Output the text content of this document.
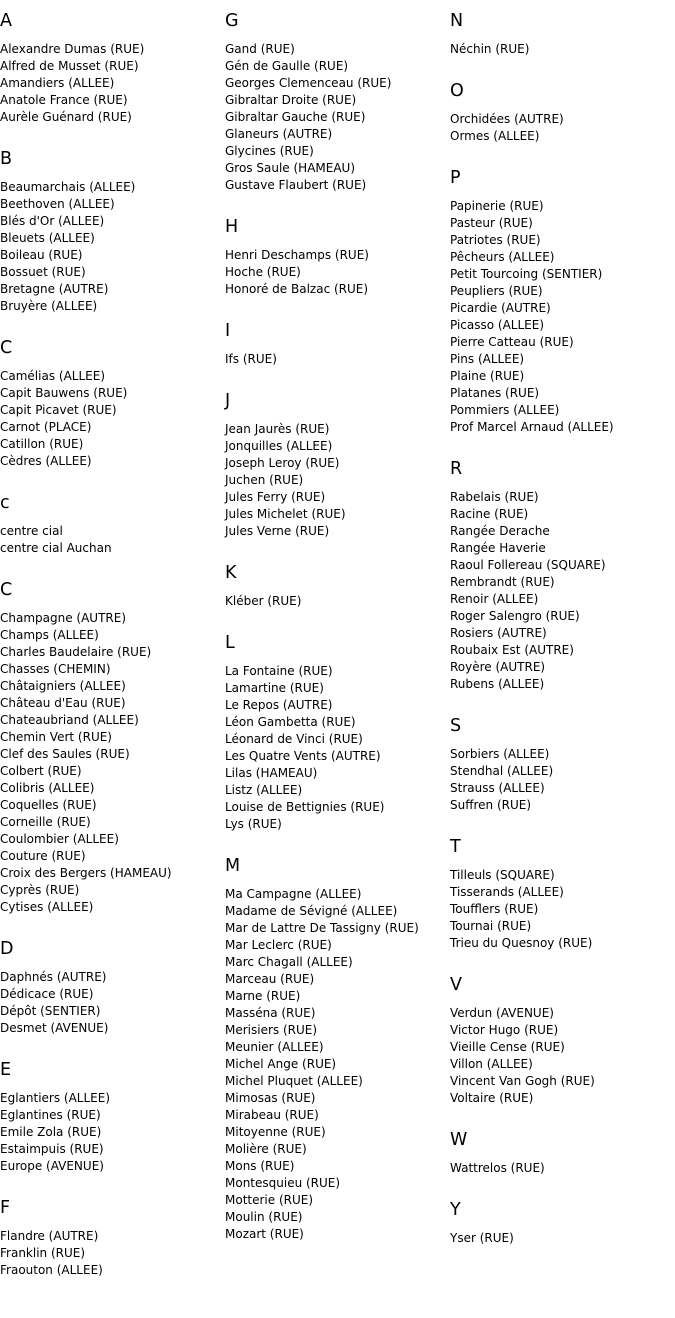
A
Alexandre Dumas (RUE)
Alfred de Musset (RUE)
Amandiers (ALLEE)
Anatole France (RUE)
Aurèle Guénard (RUE)
B
Beaumarchais (ALLEE)
Beethoven (ALLEE)
Blés d'Or (ALLEE)
Bleuets (ALLEE)
Boileau (RUE)
Bossuet (RUE)
Bretagne (AUTRE)
Bruyère (ALLEE)
C
Camélias (ALLEE)
Capit Bauwens (RUE)
Capit Picavet (RUE)
Carnot (PLACE)
Catillon (RUE)
Cèdres (ALLEE)
c
centre cial
centre cial Auchan
C
Champagne (AUTRE)
Champs (ALLEE)
Charles Baudelaire (RUE)
Chasses (CHEMIN)
Châtaigniers (ALLEE)
Château d'Eau (RUE)
Chateaubriand (ALLEE)
Chemin Vert (RUE)
Clef des Saules (RUE)
Colbert (RUE)
Colibris (ALLEE)
Coquelles (RUE)
Corneille (RUE)
Coulombier (ALLEE)
Couture (RUE)
Croix des Bergers (HAMEAU)
Cyprès (RUE)
Cytises (ALLEE)
D
Daphnés (AUTRE)
Dédicace (RUE)
Dépôt (SENTIER)
Desmet (AVENUE)
E
Eglantiers (ALLEE)
Eglantines (RUE)
Emile Zola (RUE)
Estaimpuis (RUE)
Europe (AVENUE)
F
Flandre (AUTRE)
Franklin (RUE)
Fraouton (ALLEE)
G
Gand (RUE)
Gén de Gaulle (RUE)
Georges Clemenceau (RUE)
Gibraltar Droite (RUE)
Gibraltar Gauche (RUE)
Glaneurs (AUTRE)
Glycines (RUE)
Gros Saule (HAMEAU)
Gustave Flaubert (RUE)
H
Henri Deschamps (RUE)
Hoche (RUE)
Honoré de Balzac (RUE)
I
Ifs (RUE)
J
Jean Jaurès (RUE)
Jonquilles (ALLEE)
Joseph Leroy (RUE)
Juchen (RUE)
Jules Ferry (RUE)
Jules Michelet (RUE)
Jules Verne (RUE)
K
Kléber (RUE)
L
La Fontaine (RUE)
Lamartine (RUE)
Le Repos (AUTRE)
Léon Gambetta (RUE)
Léonard de Vinci (RUE)
Les Quatre Vents (AUTRE)
Lilas (HAMEAU)
Listz (ALLEE)
Louise de Bettignies (RUE)
Lys (RUE)
M
Ma Campagne (ALLEE)
Madame de Sévigné (ALLEE)
Mar de Lattre De Tassigny (RUE)
Mar Leclerc (RUE)
Marc Chagall (ALLEE)
Marceau (RUE)
Marne (RUE)
Masséna (RUE)
Merisiers (RUE)
Meunier (ALLEE)
Michel Ange (RUE)
Michel Pluquet (ALLEE)
Mimosas (RUE)
Mirabeau (RUE)
Mitoyenne (RUE)
Molière (RUE)
Mons (RUE)
Montesquieu (RUE)
Motterie (RUE)
Moulin (RUE)
Mozart (RUE)
N
Néchin (RUE)
O
Orchidées (AUTRE)
Ormes (ALLEE)
P
Papinerie (RUE)
Pasteur (RUE)
Patriotes (RUE)
Pêcheurs (ALLEE)
Petit Tourcoing (SENTIER)
Peupliers (RUE)
Picardie (AUTRE)
Picasso (ALLEE)
Pierre Catteau (RUE)
Pins (ALLEE)
Plaine (RUE)
Platanes (RUE)
Pommiers (ALLEE)
Prof Marcel Arnaud (ALLEE)
R
Rabelais (RUE)
Racine (RUE)
Rangée Derache
Rangée Haverie
Raoul Follereau (SQUARE)
Rembrandt (RUE)
Renoir (ALLEE)
Roger Salengro (RUE)
Rosiers (AUTRE)
Roubaix Est (AUTRE)
Royère (AUTRE)
Rubens (ALLEE)
S
Sorbiers (ALLEE)
Stendhal (ALLEE)
Strauss (ALLEE)
Suffren (RUE)
T
Tilleuls (SQUARE)
Tisserands (ALLEE)
Toufflers (RUE)
Tournai (RUE)
Trieu du Quesnoy (RUE)
V
Verdun (AVENUE)
Victor Hugo (RUE)
Vieille Cense (RUE)
Villon (ALLEE)
Vincent Van Gogh (RUE)
Voltaire (RUE)
W
Wattrelos (RUE)
Y
Yser (RUE)
